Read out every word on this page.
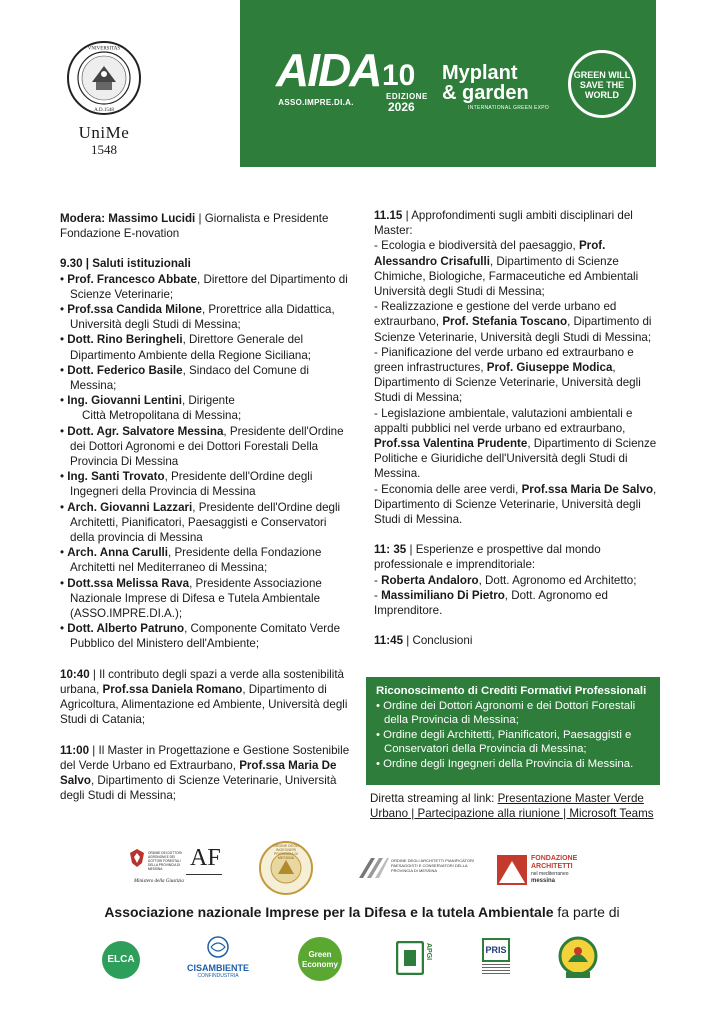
VNIVERSITAS
A.D.1548
UniMe
1548
AIDA
ASSO.IMPRE.DI.A.
10
EDIZIONE
2026
Myplant
& garden
INTERNATIONAL GREEN EXPO
GREEN WILL SAVE THE WORLD

Modera: Massimo Lucidi | Giornalista e Presidente Fondazione E-novation

9.30 | Saluti istituzionali

• Prof. Francesco Abbate, Direttore del Dipartimento di Scienze Veterinarie;

• Prof.ssa Candida Milone, Prorettrice alla Didattica, Università degli Studi di Messina;

• Dott. Rino Beringheli, Direttore Generale del Dipartimento Ambiente della Regione Siciliana;

• Dott. Federico Basile, Sindaco del Comune di Messina;

• Ing. Giovanni Lentini, Dirigente

Città Metropolitana di Messina;

• Dott. Agr. Salvatore Messina, Presidente dell'Ordine dei Dottori Agronomi e dei Dottori Forestali Della Provincia Di Messina

• Ing. Santi Trovato, Presidente dell'Ordine degli Ingegneri della Provincia di Messina

• Arch. Giovanni Lazzari, Presidente dell'Ordine degli Architetti, Pianificatori, Paesaggisti e Conservatori della provincia di Messina

• Arch. Anna Carulli, Presidente della Fondazione Architetti nel Mediterraneo di Messina;

• Dott.ssa Melissa Rava, Presidente Associazione Nazionale Imprese di Difesa e Tutela Ambientale (ASSO.IMPRE.DI.A.);

• Dott. Alberto Patruno, Componente Comitato Verde Pubblico del Ministero dell'Ambiente;

10:40 | Il contributo degli spazi a verde alla sostenibilità urbana, Prof.ssa Daniela Romano, Dipartimento di Agricoltura, Alimentazione ed Ambiente, Università degli Studi di Catania;

11:00 | Il Master in Progettazione e Gestione Sostenibile del Verde Urbano ed Extraurbano, Prof.ssa Maria De Salvo, Dipartimento di Scienze Veterinarie, Università degli Studi di Messina;

11.15 | Approfondimenti sugli ambiti disciplinari del Master:

- Ecologia e biodiversità del paesaggio, Prof. Alessandro Crisafulli, Dipartimento di Scienze Chimiche, Biologiche, Farmaceutiche ed Ambientali Università degli Studi di Messina;

- Realizzazione e gestione del verde urbano ed extraurbano, Prof. Stefania Toscano, Dipartimento di Scienze Veterinarie, Università degli Studi di Messina;

- Pianificazione del verde urbano ed extraurbano e green infrastructures, Prof. Giuseppe Modica, Dipartimento di Scienze Veterinarie, Università degli Studi di Messina;

- Legislazione ambientale, valutazioni ambientali e appalti pubblici nel verde urbano ed extraurbano, Prof.ssa Valentina Prudente, Dipartimento di Scienze Politiche e Giuridiche dell'Università degli Studi di Messina.

- Economia delle aree verdi, Prof.ssa Maria De Salvo, Dipartimento di Scienze Veterinarie, Università degli Studi di Messina.

11: 35 | Esperienze e prospettive dal mondo professionale e imprenditoriale:

- Roberta Andaloro, Dott. Agronomo ed Architetto;

- Massimiliano Di Pietro, Dott. Agronomo ed Imprenditore.

11:45 | Conclusioni

Riconoscimento di Crediti Formativi Professionali
• Ordine dei Dottori Agronomi e dei Dottori Forestali della Provincia di Messina;
• Ordine degli Architetti, Pianificatori, Paesaggisti e Conservatori della Provincia di Messina;
• Ordine degli Ingegneri della Provincia di Messina.
Diretta streaming al link: Presentazione Master Verde Urbano | Partecipazione alla riunione | Microsoft Teams
ORDINE DEI DOTTORI AGRONOMI E DEI DOTTORI FORESTALI DELLA PROVINCIA DI MESSINA	AF
Ministero della Giustizia
ORDINE DEGLI INGEGNERI PROVINCIA DI MESSINA	ORDINE DEGLI ARCHITETTI PIANIFICATORI PAESAGGISTI E CONSERVATORI DELLA PROVINCIA DI MESSINA
FONDAZIONE
ARCHITETTI
nel mediterraneo
messina
Associazione nazionale Imprese per la Difesa e la tutela Ambientale fa parte di
ELCA
CISAMBIENTE
CONFINDUSTRIA
Green Economy
APGI	PRIS
